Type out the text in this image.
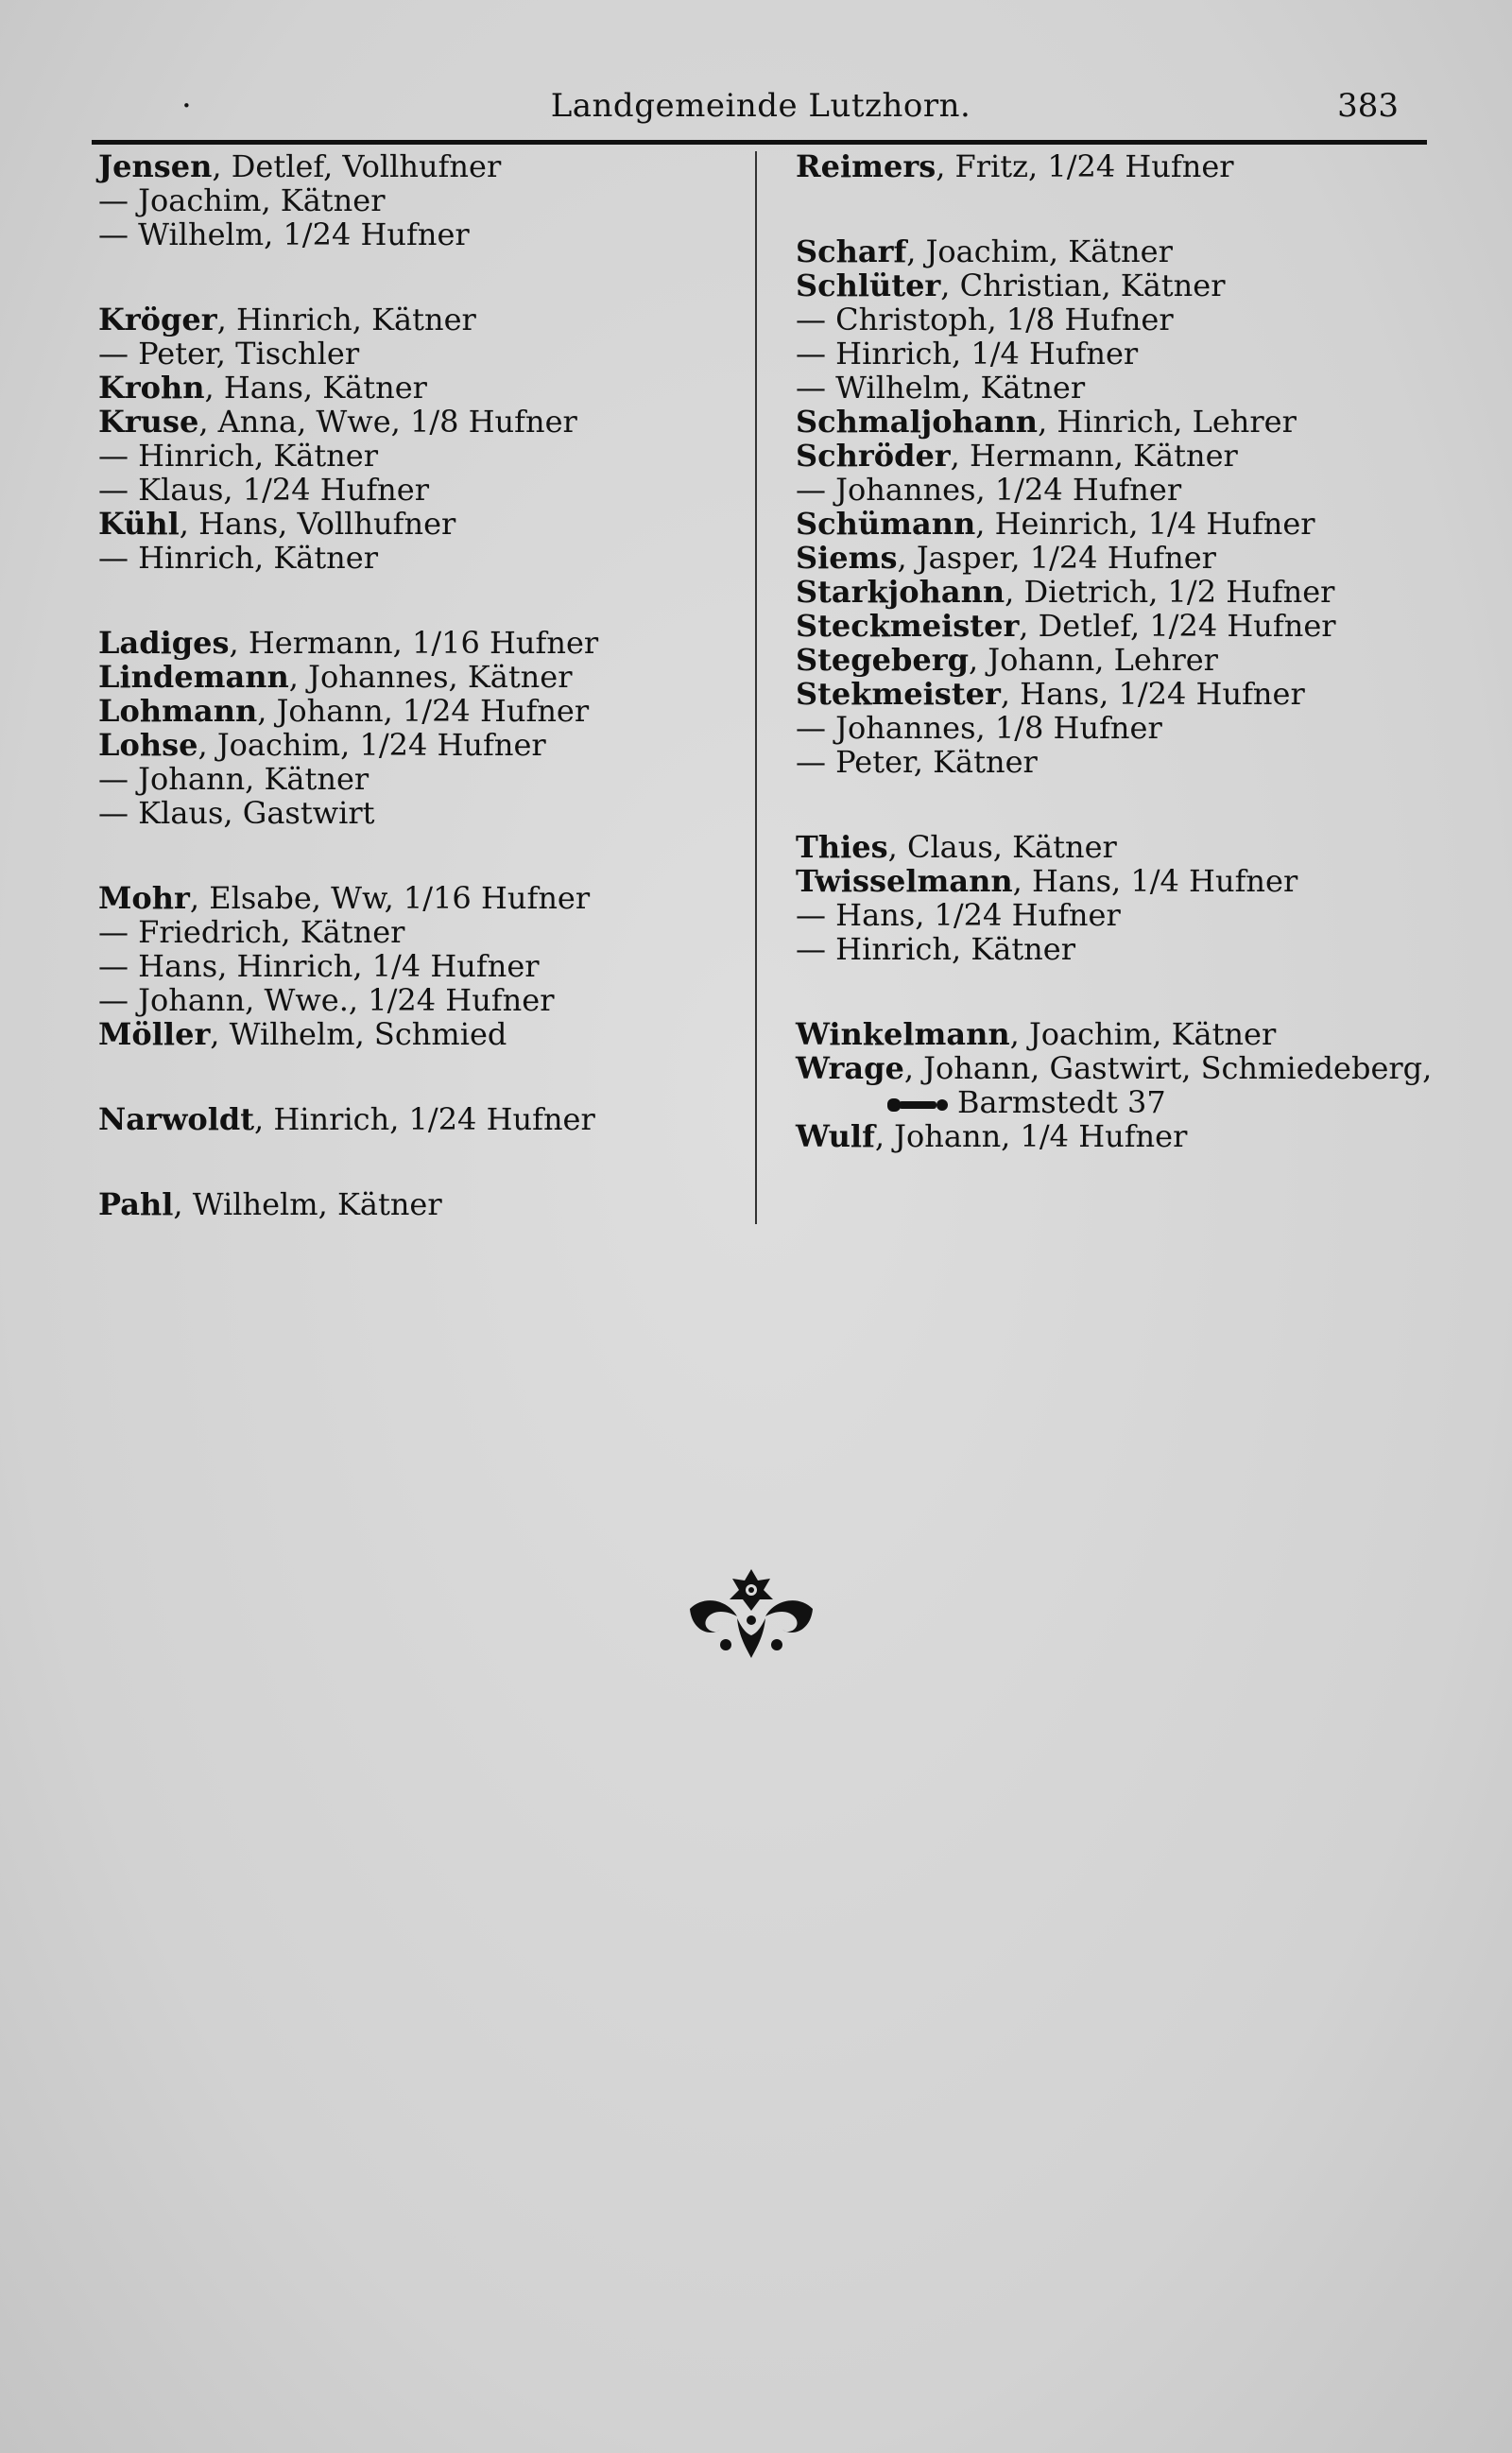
·	Landgemeinde Lutzhorn.	383
Jensen, Detlef, Vollhufner
— Joachim, Kätner
— Wilhelm, 1/24 Hufner
Kröger, Hinrich, Kätner
— Peter, Tischler
Krohn, Hans, Kätner
Kruse, Anna, Wwe, 1/8 Hufner
— Hinrich, Kätner
— Klaus, 1/24 Hufner
Kühl, Hans, Vollhufner
— Hinrich, Kätner
Ladiges, Hermann, 1/16 Hufner
Lindemann, Johannes, Kätner
Lohmann, Johann, 1/24 Hufner
Lohse, Joachim, 1/24 Hufner
— Johann, Kätner
— Klaus, Gastwirt
Mohr, Elsabe, Ww, 1/16 Hufner
— Friedrich, Kätner
— Hans, Hinrich, 1/4 Hufner
— Johann, Wwe., 1/24 Hufner
Möller, Wilhelm, Schmied
Narwoldt, Hinrich, 1/24 Hufner
Pahl, Wilhelm, Kätner
Reimers, Fritz, 1/24 Hufner
Scharf, Joachim, Kätner
Schlüter, Christian, Kätner
— Christoph, 1/8 Hufner
— Hinrich, 1/4 Hufner
— Wilhelm, Kätner
Schmaljohann, Hinrich, Lehrer
Schröder, Hermann, Kätner
— Johannes, 1/24 Hufner
Schümann, Heinrich, 1/4 Hufner
Siems, Jasper, 1/24 Hufner
Starkjohann, Dietrich, 1/2 Hufner
Steckmeister, Detlef, 1/24 Hufner
Stegeberg, Johann, Lehrer
Stekmeister, Hans, 1/24 Hufner
— Johannes, 1/8 Hufner
— Peter, Kätner
Thies, Claus, Kätner
Twisselmann, Hans, 1/4 Hufner
— Hans, 1/24 Hufner
— Hinrich, Kätner
Winkelmann, Joachim, Kätner
Wrage, Johann, Gastwirt, Schmiedeberg,
Barmstedt 37
Wulf, Johann, 1/4 Hufner
